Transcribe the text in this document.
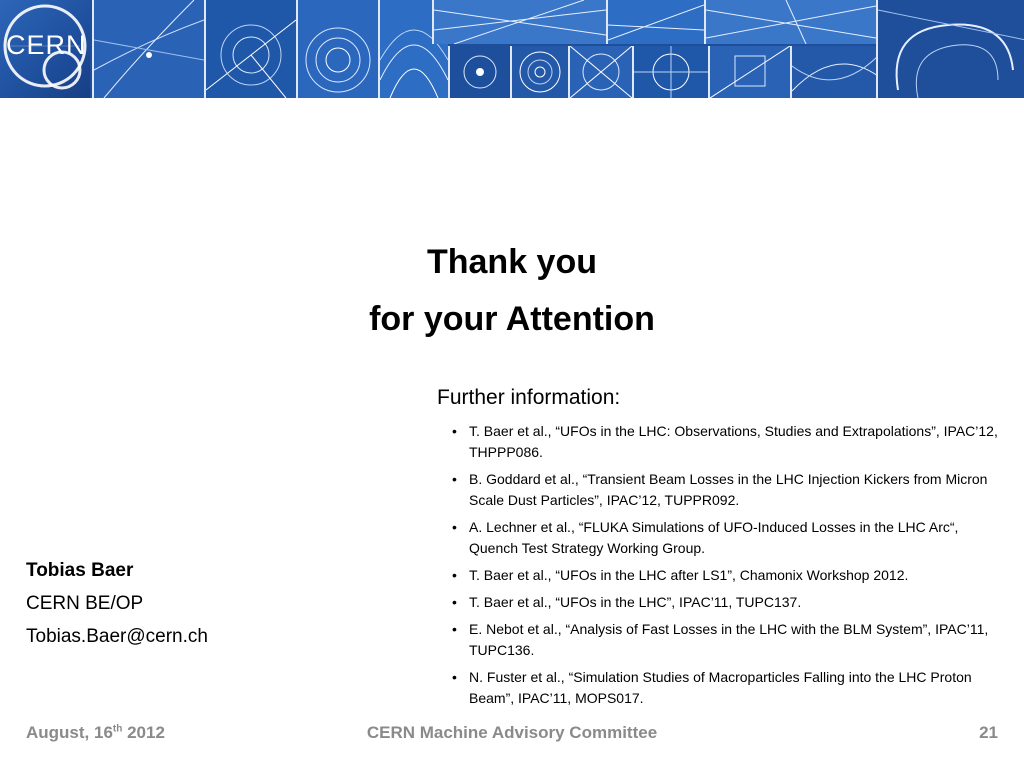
CERN
Thank you
for your Attention
Further information:
• T. Baer et al., “UFOs in the LHC: Observations, Studies and Extrapolations”, IPAC’12, THPPP086.
• B. Goddard et al., “Transient Beam Losses in the LHC Injection Kickers from Micron Scale Dust Particles”, IPAC’12, TUPPR092.
• A. Lechner et al., “FLUKA Simulations of UFO-Induced Losses in the LHC Arc“, Quench Test Strategy Working Group.
• T. Baer et al., “UFOs in the LHC after LS1”, Chamonix Workshop 2012.
• T. Baer et al., “UFOs in the LHC”, IPAC’11, TUPC137.
• E. Nebot et al., “Analysis of Fast Losses in the LHC with the BLM System”, IPAC’11, TUPC136.
• N. Fuster et al., “Simulation Studies of Macroparticles Falling into the LHC Proton Beam”, IPAC’11, MOPS017.
Tobias Baer
CERN BE/OP
Tobias.Baer@cern.ch
August, 16th 2012	CERN Machine Advisory Committee	21
